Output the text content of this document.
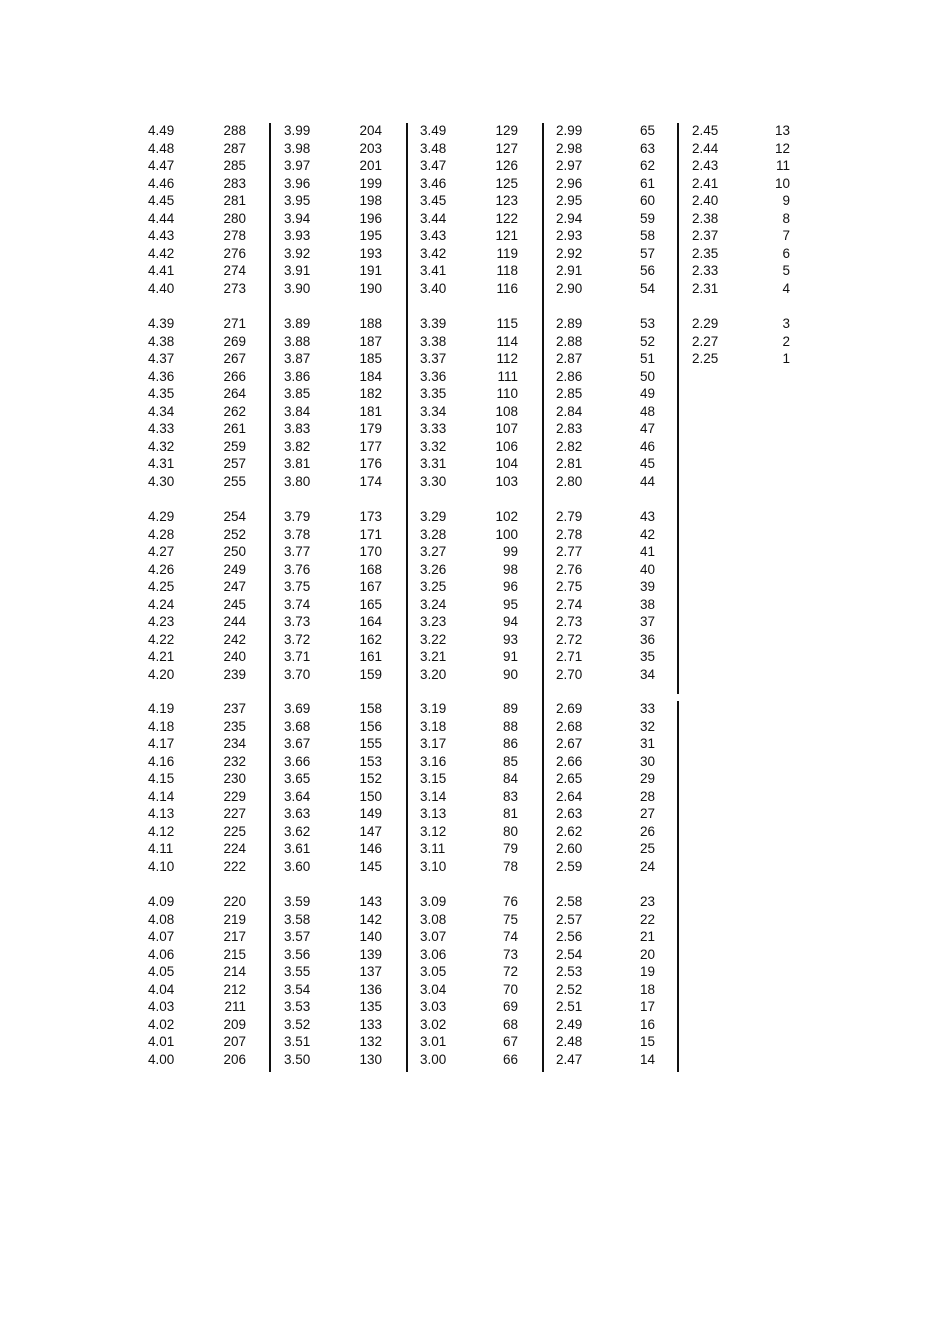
4.49	288
4.48	287
4.47	285
4.46	283
4.45	281
4.44	280
4.43	278
4.42	276
4.41	274
4.40	273
4.39	271
4.38	269
4.37	267
4.36	266
4.35	264
4.34	262
4.33	261
4.32	259
4.31	257
4.30	255
4.29	254
4.28	252
4.27	250
4.26	249
4.25	247
4.24	245
4.23	244
4.22	242
4.21	240
4.20	239
4.19	237
4.18	235
4.17	234
4.16	232
4.15	230
4.14	229
4.13	227
4.12	225
4.11	224
4.10	222
4.09	220
4.08	219
4.07	217
4.06	215
4.05	214
4.04	212
4.03	211
4.02	209
4.01	207
4.00	206
3.99	204
3.98	203
3.97	201
3.96	199
3.95	198
3.94	196
3.93	195
3.92	193
3.91	191
3.90	190
3.89	188
3.88	187
3.87	185
3.86	184
3.85	182
3.84	181
3.83	179
3.82	177
3.81	176
3.80	174
3.79	173
3.78	171
3.77	170
3.76	168
3.75	167
3.74	165
3.73	164
3.72	162
3.71	161
3.70	159
3.69	158
3.68	156
3.67	155
3.66	153
3.65	152
3.64	150
3.63	149
3.62	147
3.61	146
3.60	145
3.59	143
3.58	142
3.57	140
3.56	139
3.55	137
3.54	136
3.53	135
3.52	133
3.51	132
3.50	130
3.49	129
3.48	127
3.47	126
3.46	125
3.45	123
3.44	122
3.43	121
3.42	119
3.41	118
3.40	116
3.39	115
3.38	114
3.37	112
3.36	111
3.35	110
3.34	108
3.33	107
3.32	106
3.31	104
3.30	103
3.29	102
3.28	100
3.27	99
3.26	98
3.25	96
3.24	95
3.23	94
3.22	93
3.21	91
3.20	90
3.19	89
3.18	88
3.17	86
3.16	85
3.15	84
3.14	83
3.13	81
3.12	80
3.11	79
3.10	78
3.09	76
3.08	75
3.07	74
3.06	73
3.05	72
3.04	70
3.03	69
3.02	68
3.01	67
3.00	66
2.99	65
2.98	63
2.97	62
2.96	61
2.95	60
2.94	59
2.93	58
2.92	57
2.91	56
2.90	54
2.89	53
2.88	52
2.87	51
2.86	50
2.85	49
2.84	48
2.83	47
2.82	46
2.81	45
2.80	44
2.79	43
2.78	42
2.77	41
2.76	40
2.75	39
2.74	38
2.73	37
2.72	36
2.71	35
2.70	34
2.69	33
2.68	32
2.67	31
2.66	30
2.65	29
2.64	28
2.63	27
2.62	26
2.60	25
2.59	24
2.58	23
2.57	22
2.56	21
2.54	20
2.53	19
2.52	18
2.51	17
2.49	16
2.48	15
2.47	14
2.45	13
2.44	12
2.43	11
2.41	10
2.40	9
2.38	8
2.37	7
2.35	6
2.33	5
2.31	4
2.29	3
2.27	2
2.25	1
